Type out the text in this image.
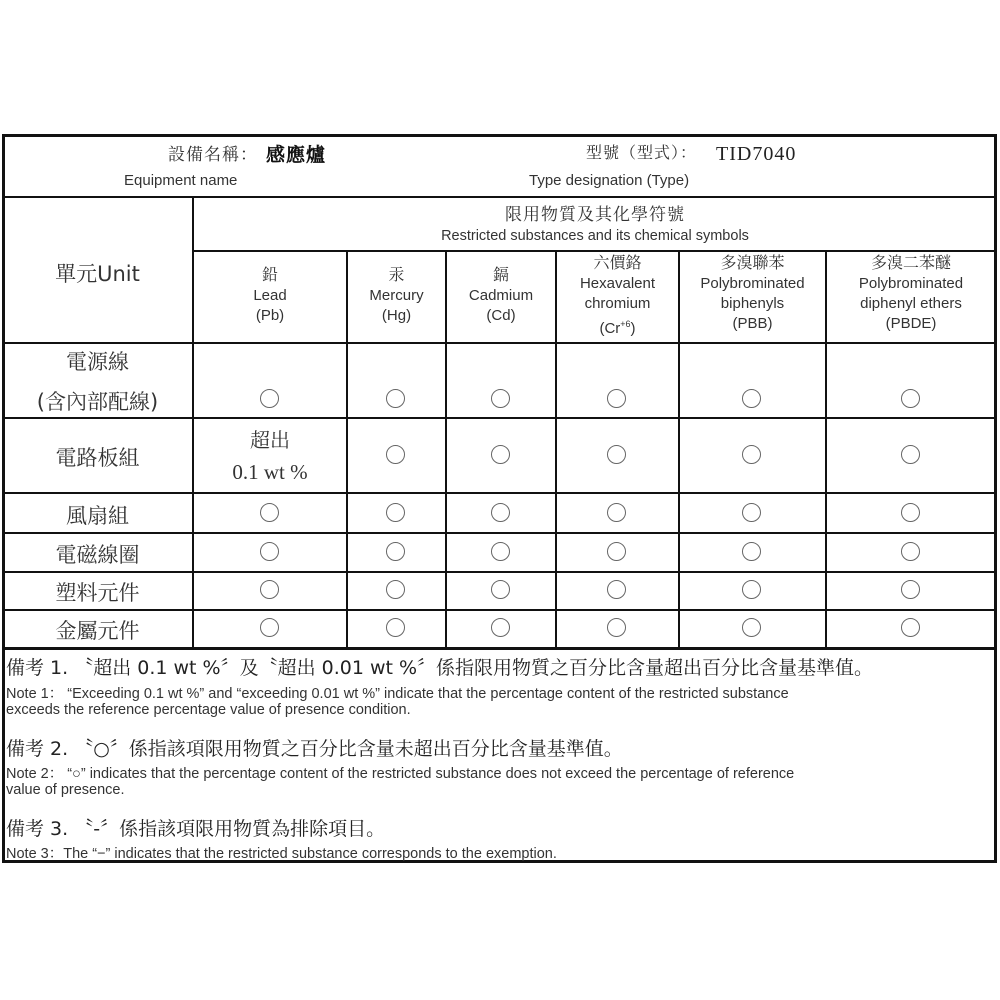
設備名稱： 感應爐
Equipment name
型號（型式）： TID7040
Type designation (Type)
單元Unit
限用物質及其化學符號
Restricted substances and its chemical symbols
鉛
Lead
(Pb)
汞
Mercury
(Hg)
鎘
Cadmium
(Cd)
六價鉻
Hexavalent
chromium
$(Cr^{+6})$
多溴聯苯
Polybrominated
biphenyls
(PBB)
多溴二苯醚
Polybrominated
diphenyl ethers
(PBDE)
電源線
(含內部配線)
電路板組
風扇組
電磁線圈
塑料元件
金屬元件
超出
0.1 wt %
備考 1. 〝超出 0.1 wt %〞及〝超出 0.01 wt %〞係指限用物質之百分比含量超出百分比含量基準值。
Note 1： “Exceeding 0.1 wt %” and “exceeding 0.01 wt %” indicate that the percentage content of the restricted substance
exceeds the reference percentage value of presence condition.
備考 2. 〝○〞係指該項限用物質之百分比含量未超出百分比含量基準值。
Note 2： “○” indicates that the percentage content of the restricted substance does not exceed the percentage of reference
value of presence.
備考 3. 〝-〞係指該項限用物質為排除項目。
Note 3：The “−” indicates that the restricted substance corresponds to the exemption.
